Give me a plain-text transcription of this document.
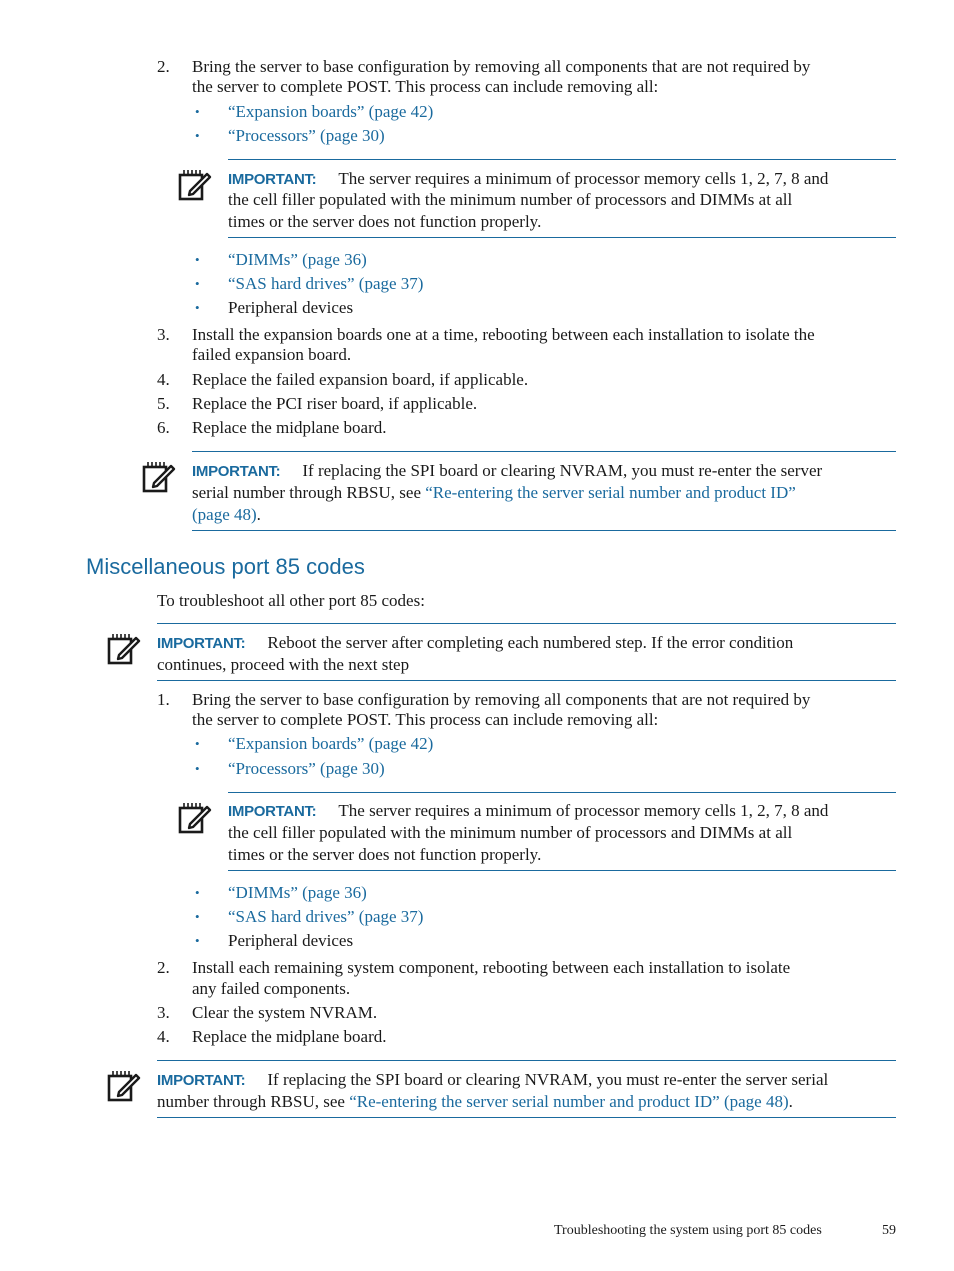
2. Bring the server to base configuration by removing all components that are not required by
the server to complete POST. This process can include removing all:
• “Expansion boards” (page 42)
• “Processors” (page 30)
IMPORTANT: The server requires a minimum of processor memory cells 1, 2, 7, 8 and
the cell filler populated with the minimum number of processors and DIMMs at all
times or the server does not function properly.
• “DIMMs” (page 36)
• “SAS hard drives” (page 37)
• Peripheral devices
3. Install the expansion boards one at a time, rebooting between each installation to isolate the
failed expansion board.
4. Replace the failed expansion board, if applicable.
5. Replace the PCI riser board, if applicable.
6. Replace the midplane board.
IMPORTANT: If replacing the SPI board or clearing NVRAM, you must re-enter the server
serial number through RBSU, see “Re-entering the server serial number and product ID”
(page 48).
Miscellaneous port 85 codes
To troubleshoot all other port 85 codes:
IMPORTANT: Reboot the server after completing each numbered step. If the error condition
continues, proceed with the next step
1. Bring the server to base configuration by removing all components that are not required by
the server to complete POST. This process can include removing all:
• “Expansion boards” (page 42)
• “Processors” (page 30)
IMPORTANT: The server requires a minimum of processor memory cells 1, 2, 7, 8 and
the cell filler populated with the minimum number of processors and DIMMs at all
times or the server does not function properly.
• “DIMMs” (page 36)
• “SAS hard drives” (page 37)
• Peripheral devices
2. Install each remaining system component, rebooting between each installation to isolate
any failed components.
3. Clear the system NVRAM.
4. Replace the midplane board.
IMPORTANT: If replacing the SPI board or clearing NVRAM, you must re-enter the server serial
number through RBSU, see “Re-entering the server serial number and product ID” (page 48).
Troubleshooting the system using port 85 codes	59
